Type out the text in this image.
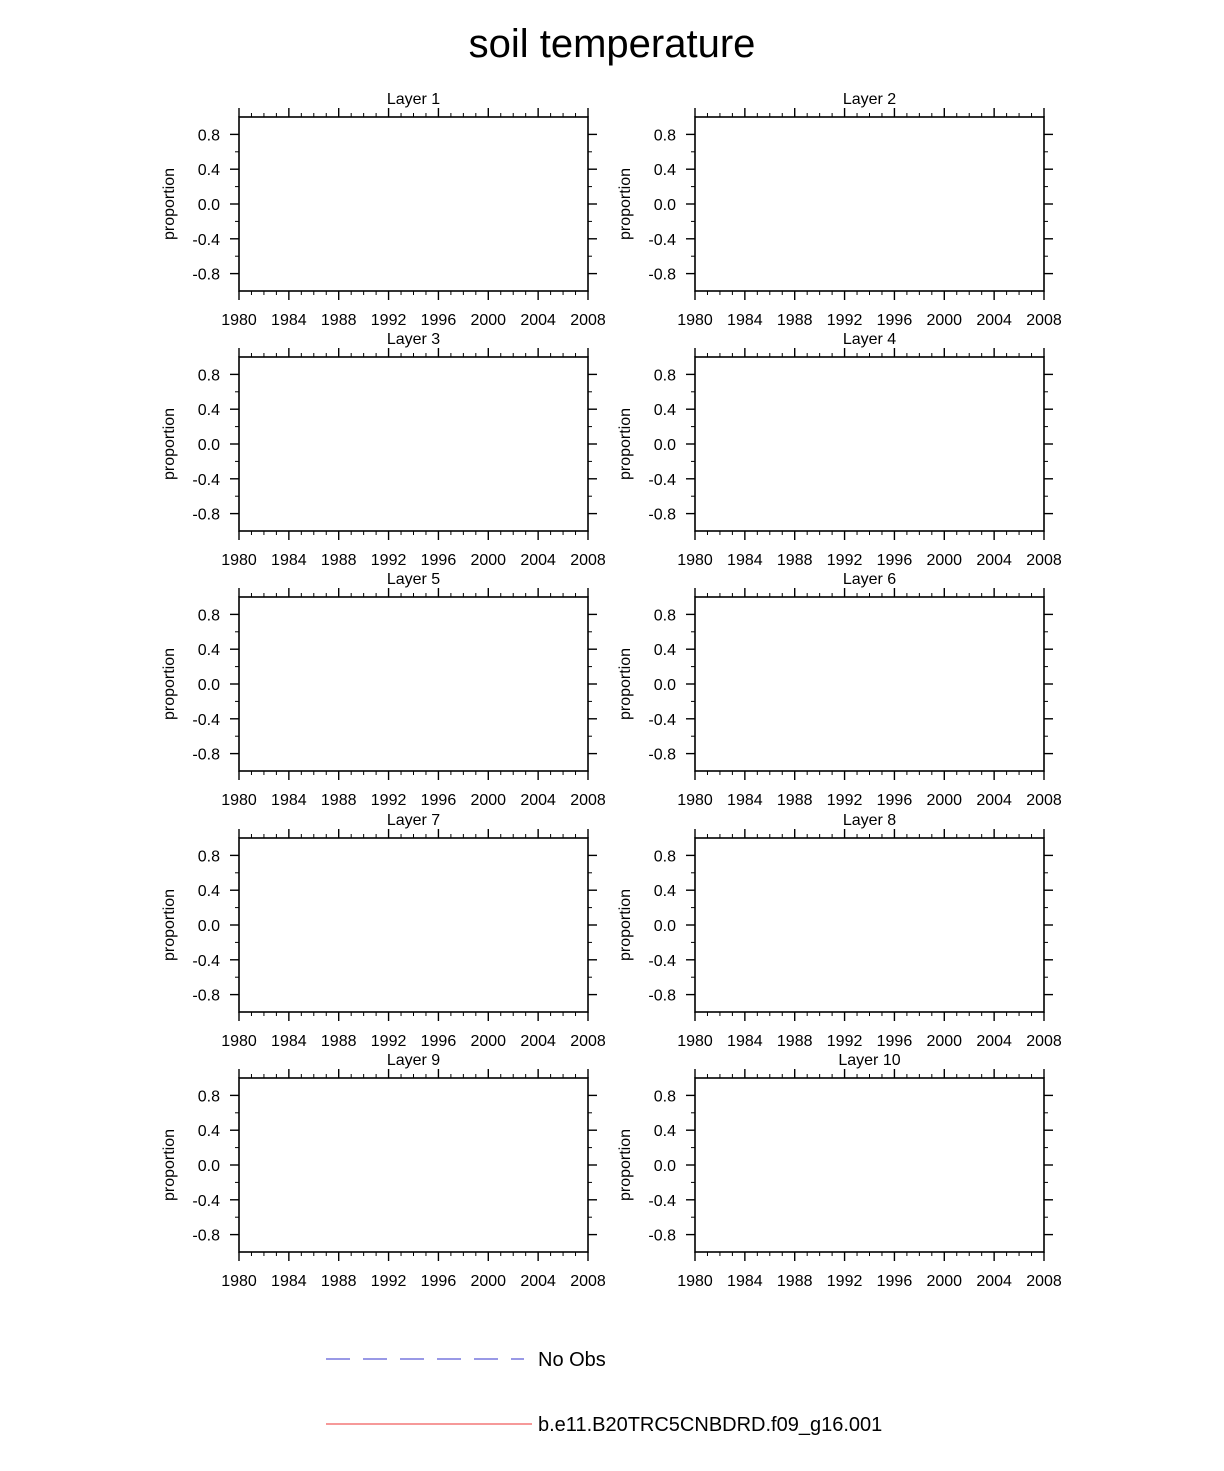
soil temperature
Layer 1
proportion
1980 1984 1988 1992 1996 2000 2004 2008
0.8
0.4
0.0
-0.4
-0.8
Layer 2
proportion
1980 1984 1988 1992 1996 2000 2004 2008
0.8
0.4
0.0
-0.4
-0.8
Layer 3
proportion
1980 1984 1988 1992 1996 2000 2004 2008
0.8
0.4
0.0
-0.4
-0.8
Layer 4
proportion
1980 1984 1988 1992 1996 2000 2004 2008
0.8
0.4
0.0
-0.4
-0.8
Layer 5
proportion
1980 1984 1988 1992 1996 2000 2004 2008
0.8
0.4
0.0
-0.4
-0.8
Layer 6
proportion
1980 1984 1988 1992 1996 2000 2004 2008
0.8
0.4
0.0
-0.4
-0.8
Layer 7
proportion
1980 1984 1988 1992 1996 2000 2004 2008
0.8
0.4
0.0
-0.4
-0.8
Layer 8
proportion
1980 1984 1988 1992 1996 2000 2004 2008
0.8
0.4
0.0
-0.4
-0.8
Layer 9
proportion
1980 1984 1988 1992 1996 2000 2004 2008
0.8
0.4
0.0
-0.4
-0.8
Layer 10
proportion
1980 1984 1988 1992 1996 2000 2004 2008
0.8
0.4
0.0
-0.4
-0.8
No Obs
b.e11.B20TRC5CNBDRD.f09_g16.001
